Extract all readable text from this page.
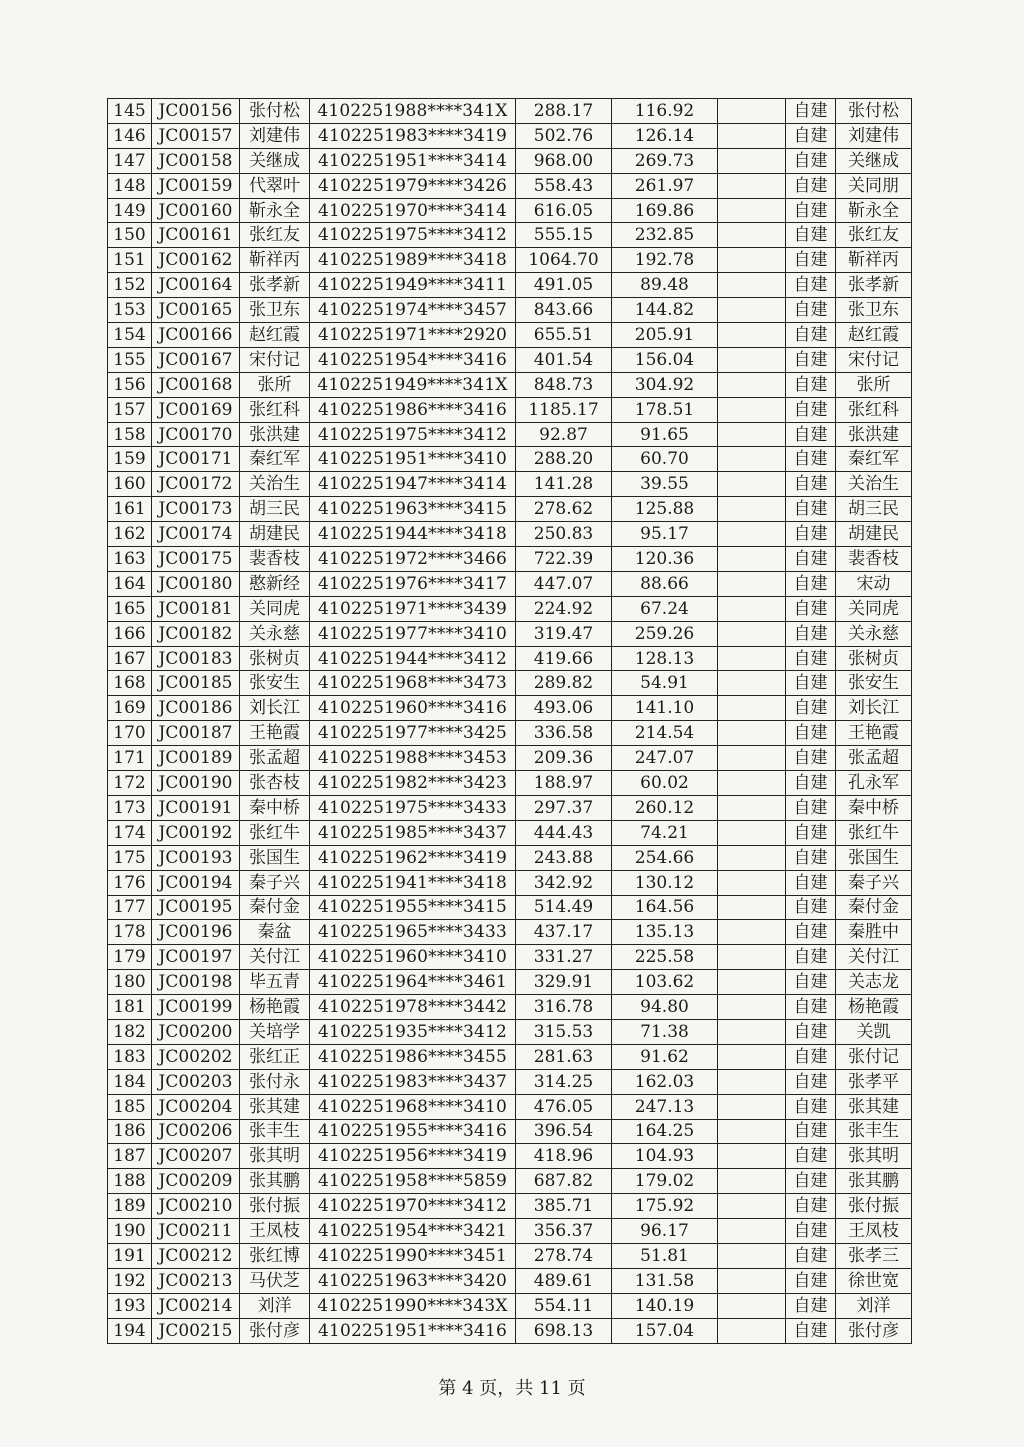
145	JC00156	张付松	4102251988****341X	288.17	116.92		自建	张付松
146	JC00157	刘建伟	4102251983****3419	502.76	126.14		自建	刘建伟
147	JC00158	关继成	4102251951****3414	968.00	269.73		自建	关继成
148	JC00159	代翠叶	4102251979****3426	558.43	261.97		自建	关同朋
149	JC00160	靳永全	4102251970****3414	616.05	169.86		自建	靳永全
150	JC00161	张红友	4102251975****3412	555.15	232.85		自建	张红友
151	JC00162	靳祥丙	4102251989****3418	1064.70	192.78		自建	靳祥丙
152	JC00164	张孝新	4102251949****3411	491.05	89.48		自建	张孝新
153	JC00165	张卫东	4102251974****3457	843.66	144.82		自建	张卫东
154	JC00166	赵红霞	4102251971****2920	655.51	205.91		自建	赵红霞
155	JC00167	宋付记	4102251954****3416	401.54	156.04		自建	宋付记
156	JC00168	张所	4102251949****341X	848.73	304.92		自建	张所
157	JC00169	张红科	4102251986****3416	1185.17	178.51		自建	张红科
158	JC00170	张洪建	4102251975****3412	92.87	91.65		自建	张洪建
159	JC00171	秦红军	4102251951****3410	288.20	60.70		自建	秦红军
160	JC00172	关治生	4102251947****3414	141.28	39.55		自建	关治生
161	JC00173	胡三民	4102251963****3415	278.62	125.88		自建	胡三民
162	JC00174	胡建民	4102251944****3418	250.83	95.17		自建	胡建民
163	JC00175	裴香枝	4102251972****3466	722.39	120.36		自建	裴香枝
164	JC00180	憨新经	4102251976****3417	447.07	88.66		自建	宋动
165	JC00181	关同虎	4102251971****3439	224.92	67.24		自建	关同虎
166	JC00182	关永慈	4102251977****3410	319.47	259.26		自建	关永慈
167	JC00183	张树贞	4102251944****3412	419.66	128.13		自建	张树贞
168	JC00185	张安生	4102251968****3473	289.82	54.91		自建	张安生
169	JC00186	刘长江	4102251960****3416	493.06	141.10		自建	刘长江
170	JC00187	王艳霞	4102251977****3425	336.58	214.54		自建	王艳霞
171	JC00189	张孟超	4102251988****3453	209.36	247.07		自建	张孟超
172	JC00190	张杏枝	4102251982****3423	188.97	60.02		自建	孔永军
173	JC00191	秦中桥	4102251975****3433	297.37	260.12		自建	秦中桥
174	JC00192	张红牛	4102251985****3437	444.43	74.21		自建	张红牛
175	JC00193	张国生	4102251962****3419	243.88	254.66		自建	张国生
176	JC00194	秦子兴	4102251941****3418	342.92	130.12		自建	秦子兴
177	JC00195	秦付金	4102251955****3415	514.49	164.56		自建	秦付金
178	JC00196	秦盆	4102251965****3433	437.17	135.13		自建	秦胜中
179	JC00197	关付江	4102251960****3410	331.27	225.58		自建	关付江
180	JC00198	毕五青	4102251964****3461	329.91	103.62		自建	关志龙
181	JC00199	杨艳霞	4102251978****3442	316.78	94.80		自建	杨艳霞
182	JC00200	关培学	4102251935****3412	315.53	71.38		自建	关凯
183	JC00202	张红正	4102251986****3455	281.63	91.62		自建	张付记
184	JC00203	张付永	4102251983****3437	314.25	162.03		自建	张孝平
185	JC00204	张其建	4102251968****3410	476.05	247.13		自建	张其建
186	JC00206	张丰生	4102251955****3416	396.54	164.25		自建	张丰生
187	JC00207	张其明	4102251956****3419	418.96	104.93		自建	张其明
188	JC00209	张其鹏	4102251958****5859	687.82	179.02		自建	张其鹏
189	JC00210	张付振	4102251970****3412	385.71	175.92		自建	张付振
190	JC00211	王凤枝	4102251954****3421	356.37	96.17		自建	王凤枝
191	JC00212	张红博	4102251990****3451	278.74	51.81		自建	张孝三
192	JC00213	马伏芝	4102251963****3420	489.61	131.58		自建	徐世宽
193	JC00214	刘洋	4102251990****343X	554.11	140.19		自建	刘洋
194	JC00215	张付彦	4102251951****3416	698.13	157.04		自建	张付彦
第 4 页，共 11 页
